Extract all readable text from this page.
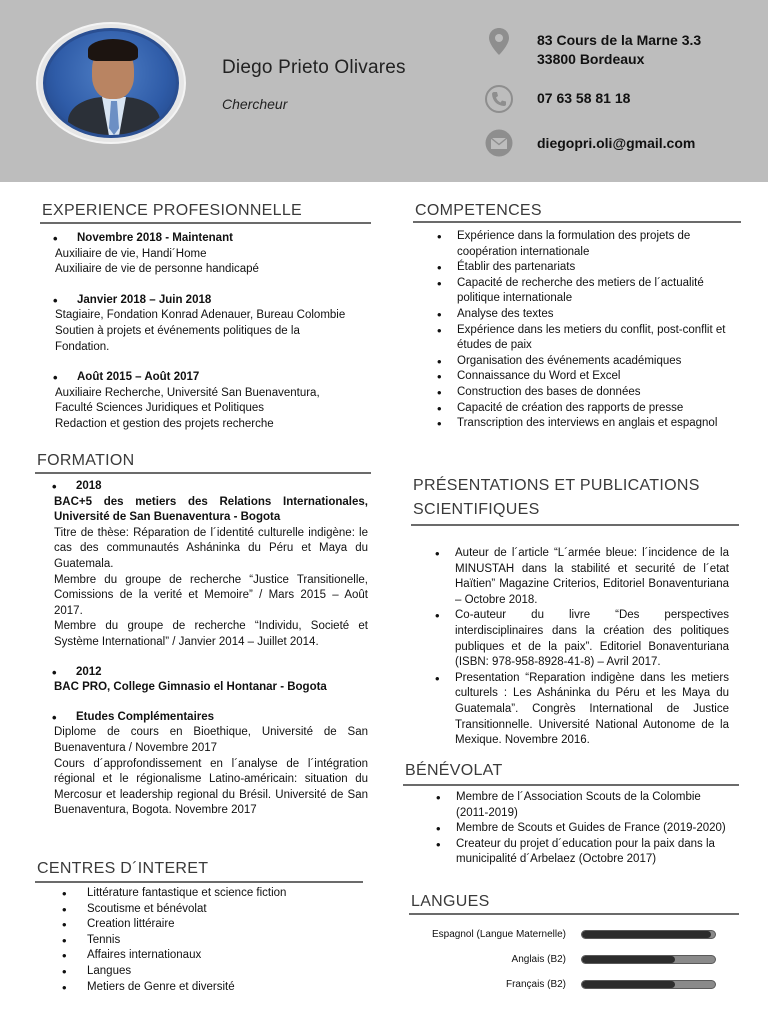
Diego Prieto Olivares
Chercheur
83 Cours de la Marne 3.3
33800 Bordeaux
07 63 58 81 18
diegopri.oli@gmail.com
EXPERIENCE PROFESIONNELLE
• Novembre 2018 - Maintenant
Auxiliaire de vie, Handi´Home
Auxiliaire de vie de personne handicapé
• Janvier 2018 – Juin 2018
Stagiaire, Fondation Konrad Adenauer, Bureau Colombie
Soutien à projets et événements politiques de la
Fondation.
• Août 2015 – Août 2017
Auxiliaire Recherche, Université San Buenaventura,
Faculté Sciences Juridiques et Politiques
Redaction et gestion des projets recherche
FORMATION
• 2018
BAC+5 des metiers des Relations Internationales, Université de San Buenaventura - Bogota
Titre de thèse: Réparation de l´identité culturelle indigène: le cas des communautés Asháninka du Péru et Maya du Guatemala.
Membre du groupe de recherche “Justice Transitionelle, Comissions de la verité et Memoire” / Mars 2015 – Août 2017.
Membre du groupe de recherche “Individu, Societé et Système International” / Janvier 2014 – Juillet 2014.
• 2012
BAC PRO, College Gimnasio el Hontanar - Bogota
• Etudes Complémentaires
Diplome de cours en Bioethique, Université de San Buenaventura / Novembre 2017
Cours d´approfondissement en l´analyse de l´intégration régional et le régionalisme Latino-américain: situation du Mercosur et leadership regional du Brésil. Université de San Buenaventura, Bogota. Novembre 2017
CENTRES D´INTERET
• Littérature fantastique et science fiction
• Scoutisme et bénévolat
• Creation littéraire
• Tennis
• Affaires internationaux
• Langues
• Metiers de Genre et diversité
COMPETENCES
• Expérience dans la formulation des projets de coopération internationale
• Établir des partenariats
• Capacité de recherche des metiers de l´actualité politique internationale
• Analyse des textes
• Expérience dans les metiers du conflit, post-conflit et études de paix
• Organisation des événements académiques
• Connaissance du Word et Excel
• Construction des bases de données
• Capacité de création des rapports de presse
• Transcription des interviews en anglais et espagnol
PRÉSENTATIONS ET PUBLICATIONS
SCIENTIFIQUES
• Auteur de l´article “L´armée bleue: l´incidence de la MINUSTAH dans la stabilité et securité de l´etat Haïtien” Magazine Criterios, Editoriel Bonaventuriana – Octobre 2018.
• Co-auteur du livre “Des perspectives interdisciplinaires dans la création des politiques publiques et de la paix”. Editoriel Bonaventuriana (ISBN: 978-958-8928-41-8) – Avril 2017.
• Presentation “Reparation indigène dans les metiers culturels : Les Asháninka du Péru et les Maya du Guatemala”. Congrès International de Justice Transitionnelle. Université National Autonome de la Mexique. Novembre 2016.
BÉNÉVOLAT
• Membre de l´Association Scouts de la Colombie (2011-2019)
• Membre de Scouts et Guides de France (2019-2020)
• Createur du projet d´education pour la paix dans la municipalité d´Arbelaez (Octobre 2017)
LANGUES
Espagnol (Langue Maternelle)
Anglais (B2)
Français (B2)
